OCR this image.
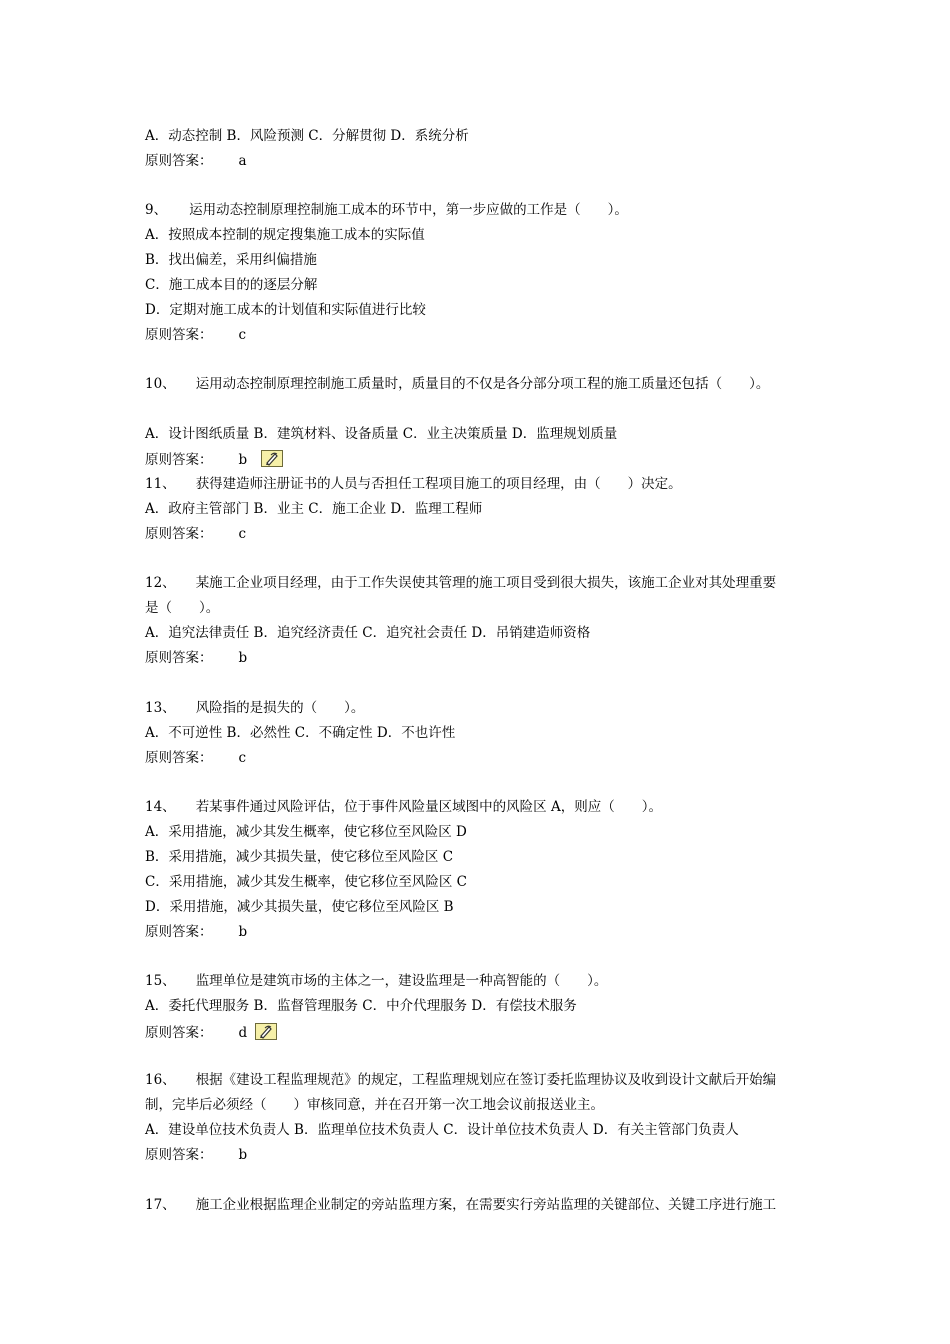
A．动态控制 B．风险预测 C．分解贯彻 D．系统分析
原则答案： a
9、 运用动态控制原理控制施工成本的环节中，第一步应做的工作是（　　）。
A．按照成本控制的规定搜集施工成本的实际值
B．找出偏差，采用纠偏措施
C．施工成本目的的逐层分解
D．定期对施工成本的计划值和实际值进行比较
原则答案： c
10、 运用动态控制原理控制施工质量时，质量目的不仅是各分部分项工程的施工质量还包括（　　）。
A．设计图纸质量 B．建筑材料、设备质量 C．业主决策质量 D．监理规划质量
原则答案： b
11、 获得建造师注册证书的人员与否担任工程项目施工的项目经理，由（　　）决定。
A．政府主管部门 B．业主 C．施工企业 D．监理工程师
原则答案： c
12、 某施工企业项目经理，由于工作失误使其管理的施工项目受到很大损失，该施工企业对其处理重要
是（　　）。
A．追究法律责任 B．追究经济责任 C．追究社会责任 D．吊销建造师资格
原则答案： b
13、 风险指的是损失的（　　）。
A．不可逆性 B．必然性 C．不确定性 D．不也许性
原则答案： c
14、 若某事件通过风险评估，位于事件风险量区域图中的风险区 A，则应（　　）。
A．采用措施，减少其发生概率，使它移位至风险区 D
B．采用措施，减少其损失量，使它移位至风险区 C
C．采用措施，减少其发生概率，使它移位至风险区 C
D．采用措施，减少其损失量，使它移位至风险区 B
原则答案： b
15、 监理单位是建筑市场的主体之一，建设监理是一种高智能的（　　）。
A．委托代理服务 B．监督管理服务 C．中介代理服务 D．有偿技术服务
原则答案： d
16、 根据《建设工程监理规范》的规定，工程监理规划应在签订委托监理协议及收到设计文献后开始编
制，完毕后必须经（　　）审核同意，并在召开第一次工地会议前报送业主。
A．建设单位技术负责人 B．监理单位技术负责人 C．设计单位技术负责人 D．有关主管部门负责人
原则答案： b
17、 施工企业根据监理企业制定的旁站监理方案，在需要实行旁站监理的关键部位、关键工序进行施工
